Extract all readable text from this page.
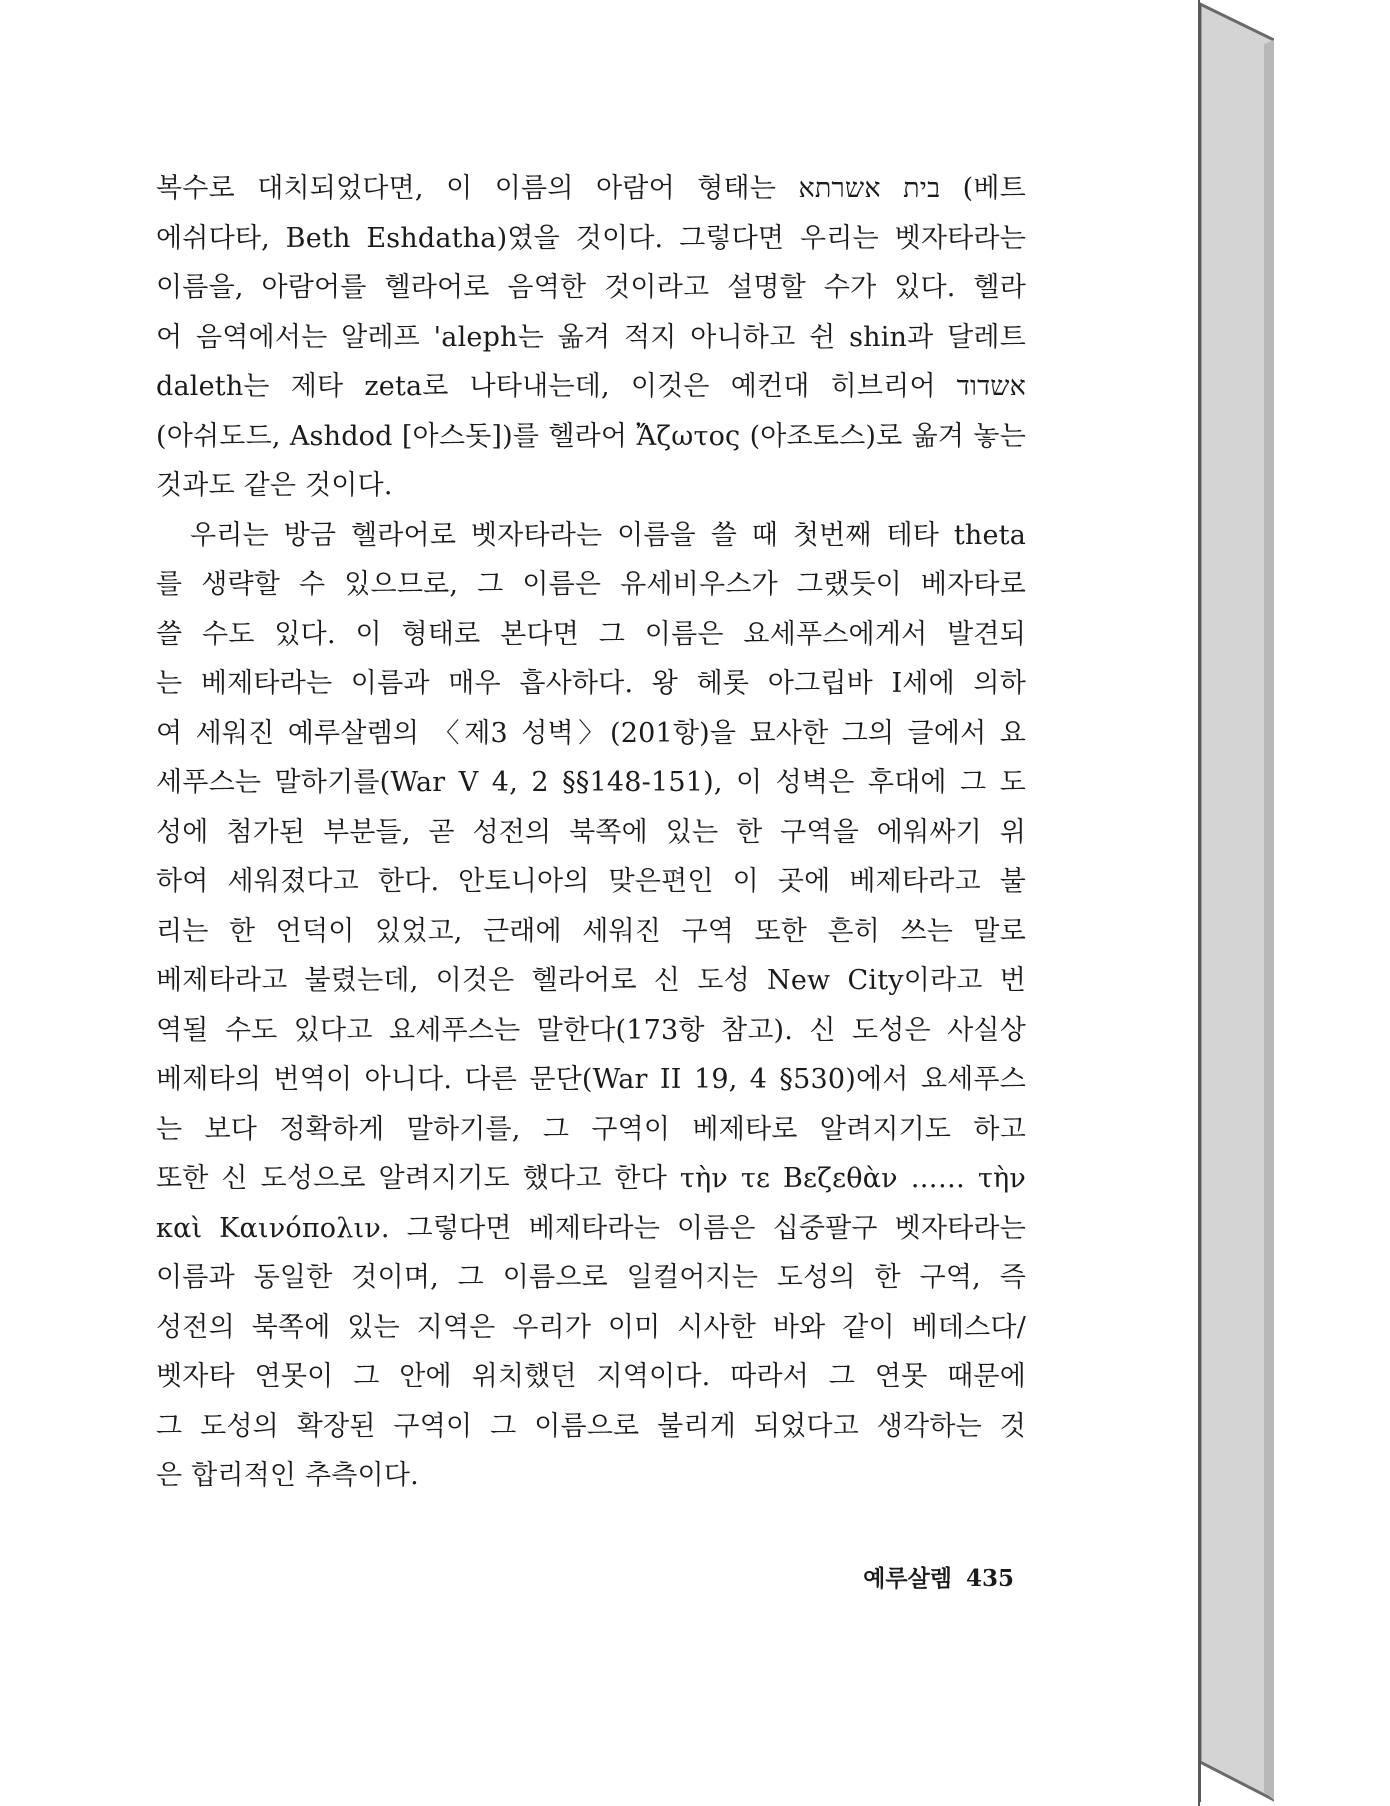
복수로 대치되었다면, 이 이름의 아람어 형태는 בית אשרתא (베트
에쉬다타, Beth Eshdatha)였을 것이다. 그렇다면 우리는 벳자타라는
이름을, 아람어를 헬라어로 음역한 것이라고 설명할 수가 있다. 헬라
어 음역에서는 알레프 'aleph는 옮겨 적지 아니하고 쉰 shin과 달레트
daleth는 제타 zeta로 나타내는데, 이것은 예컨대 히브리어 אשדוד
(아쉬도드, Ashdod [아스돗])를 헬라어 Ἄζωτος (아조토스)로 옮겨 놓는
것과도 같은 것이다.
우리는 방금 헬라어로 벳자타라는 이름을 쓸 때 첫번째 테타 theta
를 생략할 수 있으므로, 그 이름은 유세비우스가 그랬듯이 베자타로
쓸 수도 있다. 이 형태로 본다면 그 이름은 요세푸스에게서 발견되
는 베제타라는 이름과 매우 흡사하다. 왕 헤롯 아그립바 I세에 의하
여 세워진 예루살렘의 〈제3 성벽〉(201항)을 묘사한 그의 글에서 요
세푸스는 말하기를(War V 4, 2 §§148-151), 이 성벽은 후대에 그 도
성에 첨가된 부분들, 곧 성전의 북쪽에 있는 한 구역을 에워싸기 위
하여 세워졌다고 한다. 안토니아의 맞은편인 이 곳에 베제타라고 불
리는 한 언덕이 있었고, 근래에 세워진 구역 또한 흔히 쓰는 말로
베제타라고 불렸는데, 이것은 헬라어로 신 도성 New City이라고 번
역될 수도 있다고 요세푸스는 말한다(173항 참고). 신 도성은 사실상
베제타의 번역이 아니다. 다른 문단(War II 19, 4 §530)에서 요세푸스
는 보다 정확하게 말하기를, 그 구역이 베제타로 알려지기도 하고
또한 신 도성으로 알려지기도 했다고 한다 τὴν τε Βεζεθὰν …… τὴν
καὶ Καινόπολιν. 그렇다면 베제타라는 이름은 십중팔구 벳자타라는
이름과 동일한 것이며, 그 이름으로 일컬어지는 도성의 한 구역, 즉
성전의 북쪽에 있는 지역은 우리가 이미 시사한 바와 같이 베데스다/
벳자타 연못이 그 안에 위치했던 지역이다. 따라서 그 연못 때문에
그 도성의 확장된 구역이 그 이름으로 불리게 되었다고 생각하는 것
은 합리적인 추측이다.
예루살렘 435
